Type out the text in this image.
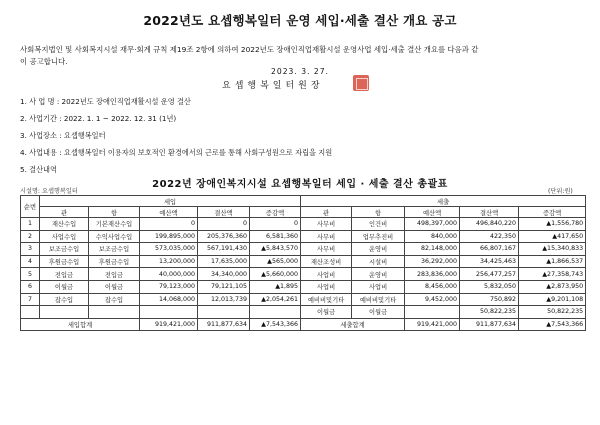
2022년도 요셉행복일터 운영 세입·세출 결산 개요 공고
사회복지법인 및 사회복지시설 재무·회계 규칙 제19조 2항에 의하여 2022년도 장애인직업재활시설 운영사업 세입·세출 결산 개요를 다음과 같
이 공고합니다.
2023. 3. 27.
요셉행복일터원장
1. 사 업 명 : 2022년도 장애인직업재활시설 운영 결산
2. 사업기간 : 2022. 1. 1 ~ 2022. 12. 31 (1년)
3. 사업장소 : 요셉행복일터
4. 사업내용 : 요셉행복일터 이용자의 보호적인 환경에서의 근로를 통해 사회구성원으로 자립을 지원
5. 결산내역
2022년 장애인복지시설 요셉행복일터 세입 · 세출 결산 총괄표
시설명: 요셉행복일터	(단위:원)
순번	세입					세출				
	관	항	예산액	결산액	증감액	관	항	예산액	결산액	증감액
1	재산수입	기본재산수입	0	0	0	사무비	인건비	498,397,000	496,840,220	▲1,556,780
2	사업수입	수익사업수입	199,895,000	205,376,360	6,581,360	사무비	업무추진비	840,000	422,350	▲417,650
3	보조금수입	보조금수입	573,035,000	567,191,430	▲5,843,570	사무비	운영비	82,148,000	66,807,167	▲15,340,833
4	후원금수입	후원금수입	13,200,000	17,635,000	▲565,000	재산조성비	시설비	36,292,000	34,425,463	▲1,866,537
5	전입금	전입금	40,000,000	34,340,000	▲5,660,000	사업비	운영비	283,836,000	256,477,257	▲27,358,743
6	이월금	이월금	79,123,000	79,121,105	▲1,895	사업비	사업비	8,456,000	5,832,050	▲2,873,950
7	잡수입	잡수입	14,068,000	12,013,739	▲2,054,261	예비비및기타	예비비및기타	9,452,000	750,892	▲9,201,108
						이월금	이월금		50,822,235	50,822,235
세입합계			919,421,000	911,877,634	▲7,543,366	세출합계		919,421,000	911,877,634	▲7,543,366
